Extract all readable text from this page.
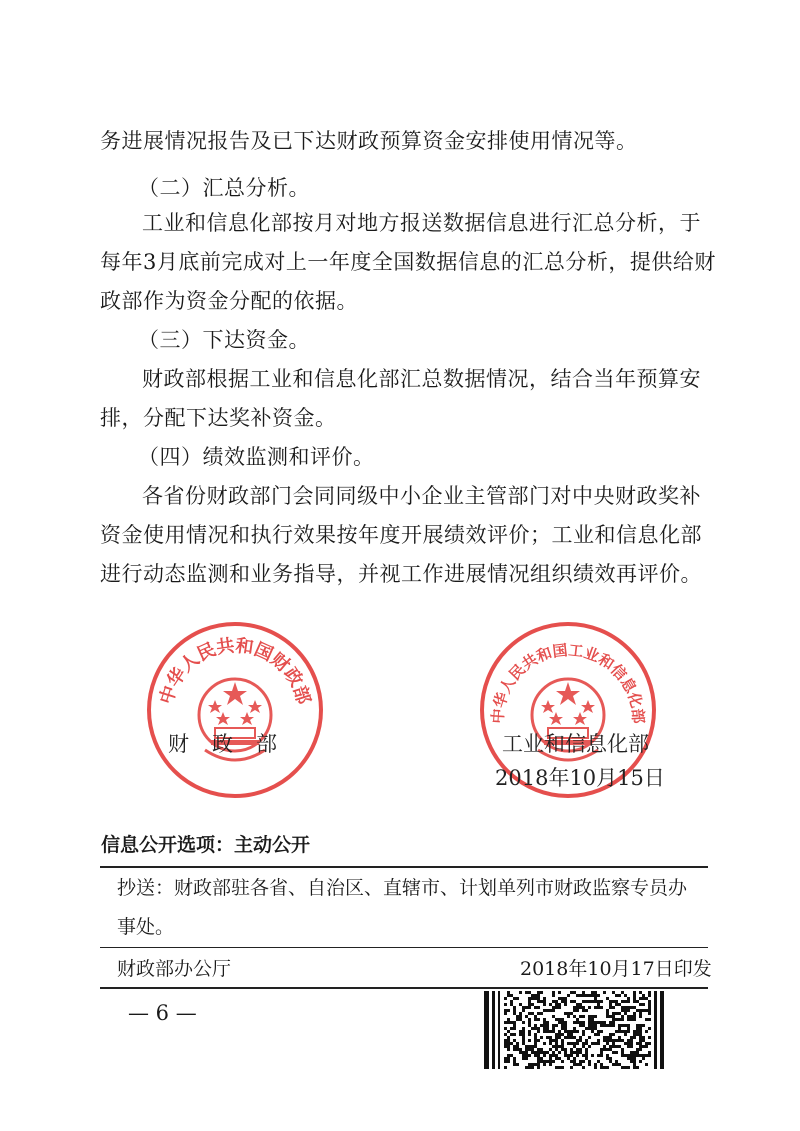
务进展情况报告及已下达财政预算资金安排使用情况等。
（二）汇总分析。
工业和信息化部按月对地方报送数据信息进行汇总分析，于
每年3月底前完成对上一年度全国数据信息的汇总分析，提供给财
政部作为资金分配的依据。
（三）下达资金。
财政部根据工业和信息化部汇总数据情况，结合当年预算安
排，分配下达奖补资金。
（四）绩效监测和评价。
各省份财政部门会同同级中小企业主管部门对中央财政奖补
资金使用情况和执行效果按年度开展绩效评价；工业和信息化部
进行动态监测和业务指导，并视工作进展情况组织绩效再评价。
中华人民共和国财政部
财　政　部
中华人民共和国工业和信息化部
工业和信息化部
2018年10月15日
信息公开选项：主动公开
抄送：财政部驻各省、自治区、直辖市、计划单列市财政监察专员办
事处。
财政部办公厅	2018年10月17日印发
— 6 —
